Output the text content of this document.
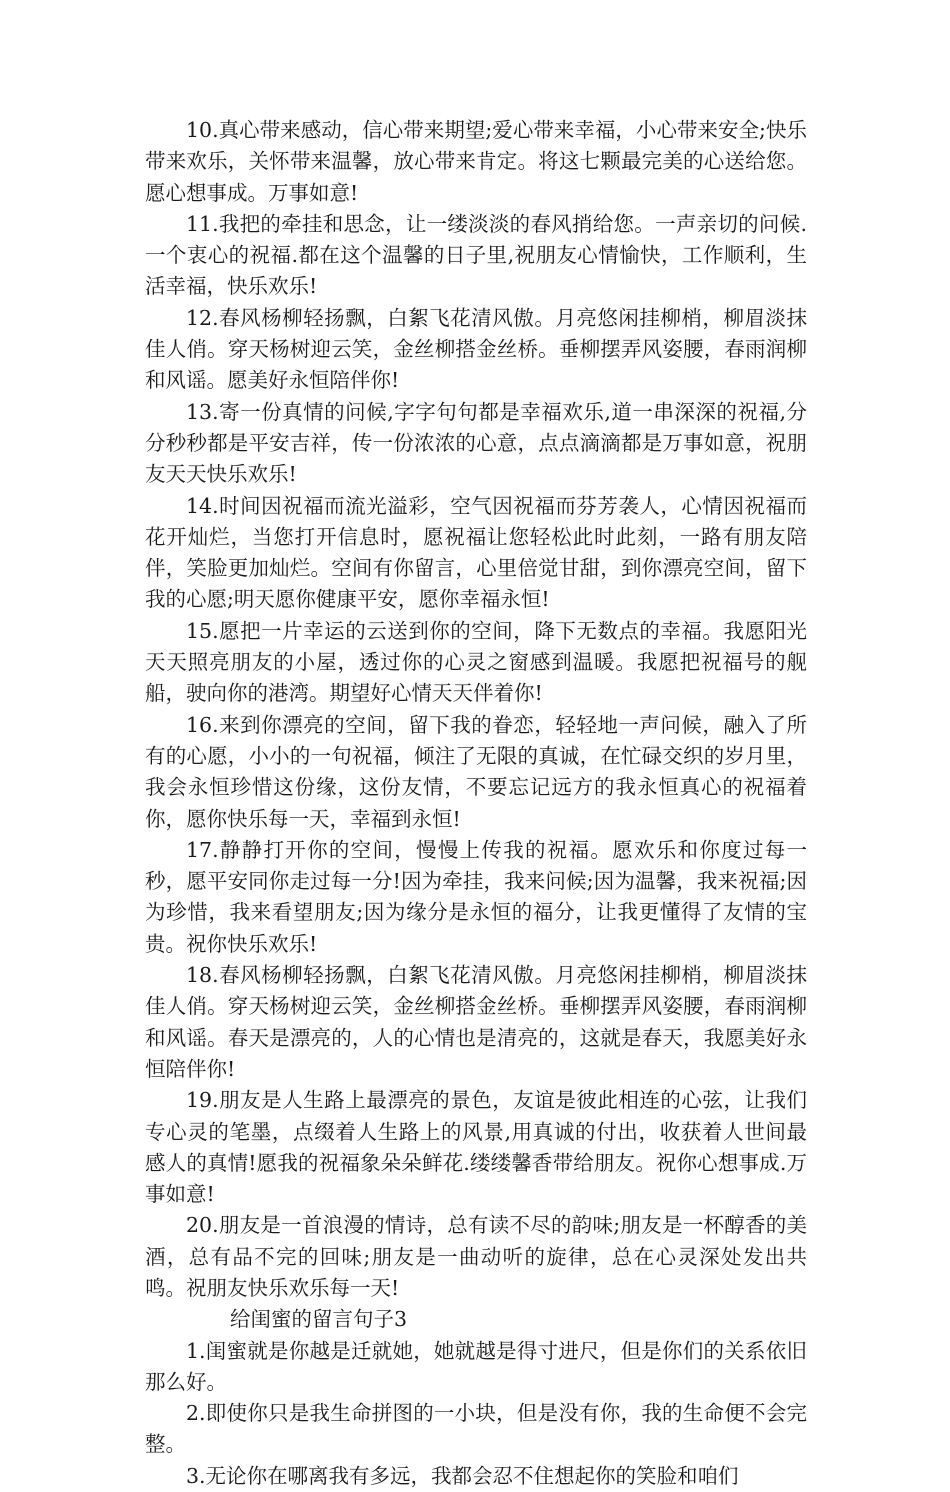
10.真心带来感动，信心带来期望;爱心带来幸福，小心带来安全;快乐带来欢乐，关怀带来温馨，放心带来肯定。将这七颗最完美的心送给您。愿心想事成。万事如意!

11.我把的牵挂和思念，让一缕淡淡的春风捎给您。一声亲切的问候.一个衷心的祝福.都在这个温馨的日子里,祝朋友心情愉快，工作顺利，生活幸福，快乐欢乐!

12.春风杨柳轻扬飘，白絮飞花清风傲。月亮悠闲挂柳梢，柳眉淡抹佳人俏。穿天杨树迎云笑，金丝柳搭金丝桥。垂柳摆弄风姿腰，春雨润柳和风谣。愿美好永恒陪伴你!

13.寄一份真情的问候,字字句句都是幸福欢乐,道一串深深的祝福,分分秒秒都是平安吉祥，传一份浓浓的心意，点点滴滴都是万事如意，祝朋友天天快乐欢乐!

14.时间因祝福而流光溢彩，空气因祝福而芬芳袭人，心情因祝福而花开灿烂，当您打开信息时，愿祝福让您轻松此时此刻，一路有朋友陪伴，笑脸更加灿烂。空间有你留言，心里倍觉甘甜，到你漂亮空间，留下我的心愿;明天愿你健康平安，愿你幸福永恒!

15.愿把一片幸运的云送到你的空间，降下无数点的幸福。我愿阳光天天照亮朋友的小屋，透过你的心灵之窗感到温暖。我愿把祝福号的舰船，驶向你的港湾。期望好心情天天伴着你!

16.来到你漂亮的空间，留下我的眷恋，轻轻地一声问候，融入了所有的心愿，小小的一句祝福，倾注了无限的真诚，在忙碌交织的岁月里，我会永恒珍惜这份缘，这份友情，不要忘记远方的我永恒真心的祝福着你，愿你快乐每一天，幸福到永恒!

17.静静打开你的空间，慢慢上传我的祝福。愿欢乐和你度过每一秒，愿平安同你走过每一分!因为牵挂，我来问候;因为温馨，我来祝福;因为珍惜，我来看望朋友;因为缘分是永恒的福分，让我更懂得了友情的宝贵。祝你快乐欢乐!

18.春风杨柳轻扬飘，白絮飞花清风傲。月亮悠闲挂柳梢，柳眉淡抹佳人俏。穿天杨树迎云笑，金丝柳搭金丝桥。垂柳摆弄风姿腰，春雨润柳和风谣。春天是漂亮的，人的心情也是清亮的，这就是春天，我愿美好永恒陪伴你!

19.朋友是人生路上最漂亮的景色，友谊是彼此相连的心弦，让我们专心灵的笔墨，点缀着人生路上的风景,用真诚的付出，收获着人世间最感人的真情!愿我的祝福象朵朵鲜花.缕缕馨香带给朋友。祝你心想事成.万事如意!

20.朋友是一首浪漫的情诗，总有读不尽的韵味;朋友是一杯醇香的美酒，总有品不完的回味;朋友是一曲动听的旋律，总在心灵深处发出共鸣。祝朋友快乐欢乐每一天!

给闺蜜的留言句子3

1.闺蜜就是你越是迁就她，她就越是得寸进尺，但是你们的关系依旧那么好。

2.即使你只是我生命拼图的一小块，但是没有你，我的生命便不会完整。

3.无论你在哪离我有多远，我都会忍不住想起你的笑脸和咱们
